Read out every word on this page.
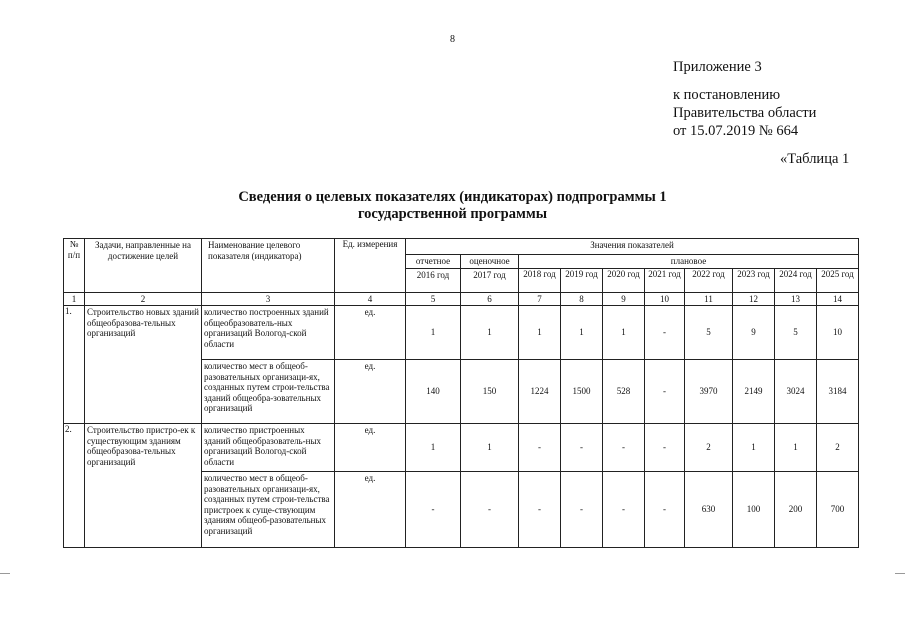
8
Приложение 3
к постановлению
Правительства области
от 15.07.2019 № 664
«Таблица 1
Сведения о целевых показателях (индикаторах) подпрограммы 1
государственной программы
№ п/п	Задачи, направленные на достижение целей	Наименование целевого показателя (индикатора)	Ед. измерения	Значения показателей									
				отчетное	оценочное	плановое							
				2016 год	2017 год	2018 год	2019 год	2020 год	2021 год	2022 год	2023 год	2024 год	2025 год
1	2	3	4	5	6	7	8	9	10	11	12	13	14
1.	Строительство новых зданий общеобразова-тельных организаций	количество построенных зданий общеобразователь-ных организаций Вологод-ской области	ед.	1	1	1	1	1	-	5	9	5	10
		количество мест в общеоб-разовательных организаци-ях, созданных путем строи-тельства зданий общеобра-зовательных организаций	ед.	140	150	1224	1500	528	-	3970	2149	3024	3184
2.	Строительство пристро-ек к существующим зданиям общеобразова-тельных организаций	количество пристроенных зданий общеобразователь-ных организаций Вологод-ской области	ед.	1	1	-	-	-	-	2	1	1	2
		количество мест в общеоб-разовательных организаци-ях, созданных путем строи-тельства пристроек к суще-ствующим зданиям общеоб-разовательных организаций	ед.	-	-	-	-	-	-	630	100	200	700
